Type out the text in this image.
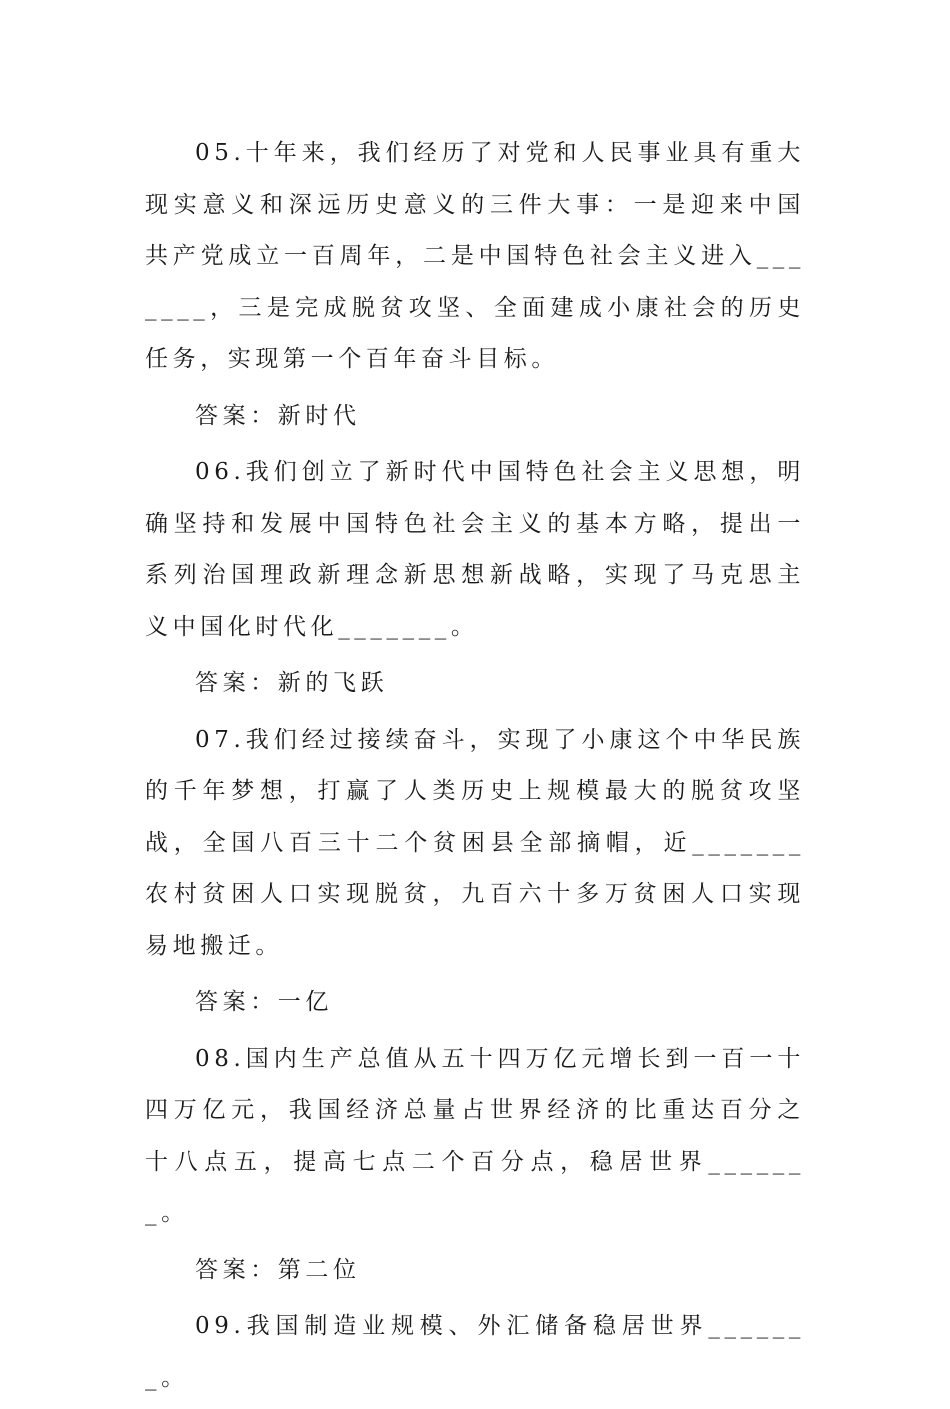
05.十年来，我们经历了对党和人民事业具有重大现实意义和深远历史意义的三件大事：一是迎来中国共产党成立一百周年，二是中国特色社会主义进入_______，三是完成脱贫攻坚、全面建成小康社会的历史任务，实现第一个百年奋斗目标。

答案：新时代

06.我们创立了新时代中国特色社会主义思想，明确坚持和发展中国特色社会主义的基本方略，提出一系列治国理政新理念新思想新战略，实现了马克思主义中国化时代化_______。

答案：新的飞跃

07.我们经过接续奋斗，实现了小康这个中华民族的千年梦想，打赢了人类历史上规模最大的脱贫攻坚战，全国八百三十二个贫困县全部摘帽，近_______农村贫困人口实现脱贫，九百六十多万贫困人口实现易地搬迁。

答案：一亿

08.国内生产总值从五十四万亿元增长到一百一十四万亿元，我国经济总量占世界经济的比重达百分之十八点五，提高七点二个百分点，稳居世界_______。

答案：第二位

09.我国制造业规模、外汇储备稳居世界_______。
